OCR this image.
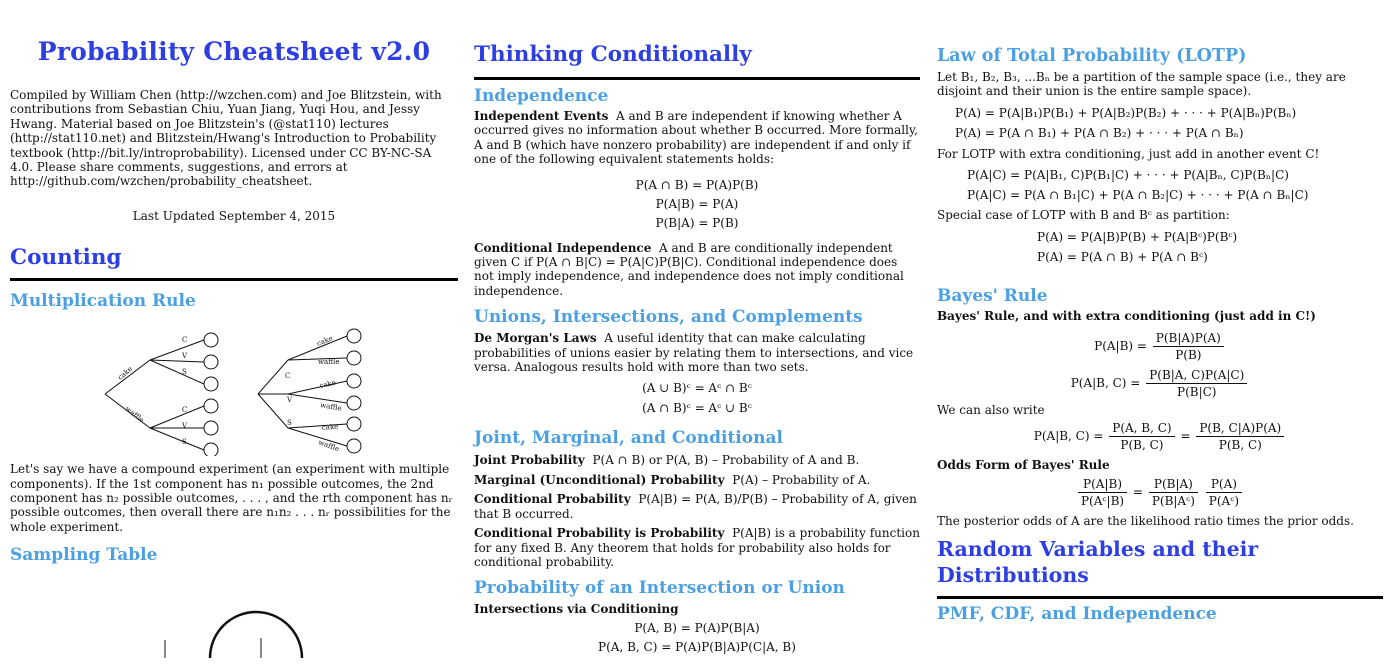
Probability Cheatsheet v2.0

Compiled by William Chen (http://wzchen.com) and Joe Blitzstein, with contributions from Sebastian Chiu, Yuan Jiang, Yuqi Hou, and Jessy Hwang. Material based on Joe Blitzstein's (@stat110) lectures (http://stat110.net) and Blitzstein/Hwang's Introduction to Probability textbook (http://bit.ly/introprobability). Licensed under CC BY-NC-SA 4.0. Please share comments, suggestions, and errors at http://github.com/wzchen/probability_cheatsheet.

Last Updated September 4, 2015

Counting
Multiplication Rule
cake
waffle
C
V
S
C
V
S
C
V
S
cake
waffle
cake
waffle
cake
waffle

Let's say we have a compound experiment (an experiment with multiple components). If the 1st component has n₁ possible outcomes, the 2nd component has n₂ possible outcomes, . . . , and the rth component has nᵣ possible outcomes, then overall there are n₁n₂ . . . nᵣ possibilities for the whole experiment.

Sampling Table
Thinking Conditionally
Independence

Independent Events A and B are independent if knowing whether A occurred gives no information about whether B occurred. More formally, A and B (which have nonzero probability) are independent if and only if one of the following equivalent statements holds:

P(A ∩ B) = P(A)P(B)

P(A|B) = P(A)

P(B|A) = P(B)

Conditional Independence A and B are conditionally independent given C if P(A ∩ B|C) = P(A|C)P(B|C). Conditional independence does not imply independence, and independence does not imply conditional independence.

Unions, Intersections, and Complements

De Morgan's Laws A useful identity that can make calculating probabilities of unions easier by relating them to intersections, and vice versa. Analogous results hold with more than two sets.

(A ∪ B)ᶜ = Aᶜ ∩ Bᶜ

(A ∩ B)ᶜ = Aᶜ ∪ Bᶜ

Joint, Marginal, and Conditional

Joint Probability P(A ∩ B) or P(A, B) – Probability of A and B.

Marginal (Unconditional) Probability P(A) – Probability of A.

Conditional Probability P(A|B) = P(A, B)/P(B) – Probability of A, given that B occurred.

Conditional Probability is Probability P(A|B) is a probability function for any fixed B. Any theorem that holds for probability also holds for conditional probability.

Probability of an Intersection or Union

Intersections via Conditioning

P(A, B) = P(A)P(B|A)

P(A, B, C) = P(A)P(B|A)P(C|A, B)

Law of Total Probability (LOTP)

Let B₁, B₂, B₃, ...Bₙ be a partition of the sample space (i.e., they are disjoint and their union is the entire sample space).

P(A) = P(A|B₁)P(B₁) + P(A|B₂)P(B₂) + · · · + P(A|Bₙ)P(Bₙ)

P(A) = P(A ∩ B₁) + P(A ∩ B₂) + · · · + P(A ∩ Bₙ)

For LOTP with extra conditioning, just add in another event C!

P(A|C) = P(A|B₁, C)P(B₁|C) + · · · + P(A|Bₙ, C)P(Bₙ|C)

P(A|C) = P(A ∩ B₁|C) + P(A ∩ B₂|C) + · · · + P(A ∩ Bₙ|C)

Special case of LOTP with B and Bᶜ as partition:

P(A) = P(A|B)P(B) + P(A|Bᶜ)P(Bᶜ)

P(A) = P(A ∩ B) + P(A ∩ Bᶜ)

Bayes' Rule

Bayes' Rule, and with extra conditioning (just add in C!)

$P(A|B) = \frac{P(B|A)P(A)}{P(B)}$
P(A|B, $C) = \frac{P(B|A, C)P(A|C)}{P(B|C)}$

We can also write

P(A|B, $C) = \frac{P(A, B, C)}{P(B, C)} = \frac{P(B, C|A)P(A)}{P(B, C)}$

Odds Form of Bayes' Rule

$\frac{P(A|B)}{\text{P(Aᶜ|B)}} = \frac{P(B|A)}{\text{P(B|Aᶜ)}}$
$\frac{P(A)}{\text{P(Aᶜ)}}$

The posterior odds of A are the likelihood ratio times the prior odds.

Random Variables and their Distributions
PMF, CDF, and Independence
